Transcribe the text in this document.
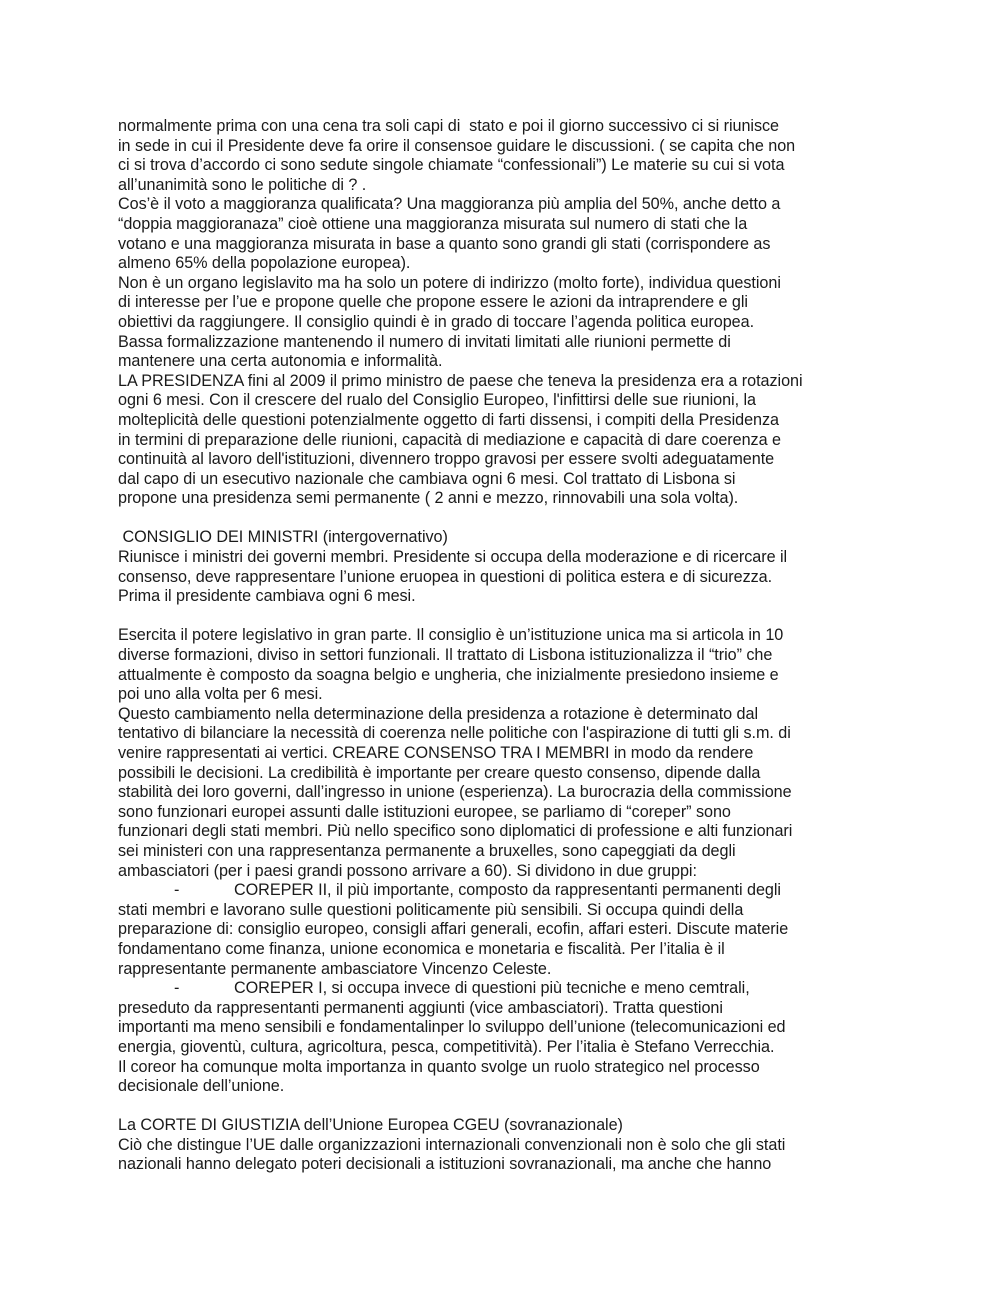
normalmente prima con una cena tra soli capi di  stato e poi il giorno successivo ci si riunisce
in sede in cui il Presidente deve fa orire il consensoe guidare le discussioni. ( se capita che non
ci si trova d’accordo ci sono sedute singole chiamate “confessionali”) Le materie su cui si vota
all’unanimità sono le politiche di ? .
Cos’è il voto a maggioranza qualificata? Una maggioranza più amplia del 50%, anche detto a
“doppia maggioranaza” cioè ottiene una maggioranza misurata sul numero di stati che la
votano e una maggioranza misurata in base a quanto sono grandi gli stati (corrispondere as
almeno 65% della popolazione europea).
Non è un organo legislavito ma ha solo un potere di indirizzo (molto forte), individua questioni
di interesse per l’ue e propone quelle che propone essere le azioni da intraprendere e gli
obiettivi da raggiungere. Il consiglio quindi è in grado di toccare l’agenda politica europea.
Bassa formalizzazione mantenendo il numero di invitati limitati alle riunioni permette di
mantenere una certa autonomia e informalità.
LA PRESIDENZA fini al 2009 il primo ministro de paese che teneva la presidenza era a rotazioni
ogni 6 mesi. Con il crescere del rualo del Consiglio Europeo, l'infittirsi delle sue riunioni, la
molteplicità delle questioni potenzialmente oggetto di farti dissensi, i compiti della Presidenza
in termini di preparazione delle riunioni, capacità di mediazione e capacità di dare coerenza e
continuità al lavoro dell'istituzioni, divennero troppo gravosi per essere svolti adeguatamente
dal capo di un esecutivo nazionale che cambiava ogni 6 mesi. Col trattato di Lisbona si
propone una presidenza semi permanente ( 2 anni e mezzo, rinnovabili una sola volta).
CONSIGLIO DEI MINISTRI (intergovernativo)
Riunisce i ministri dei governi membri. Presidente si occupa della moderazione e di ricercare il
consenso, deve rappresentare l’unione eruopea in questioni di politica estera e di sicurezza.
Prima il presidente cambiava ogni 6 mesi.
Esercita il potere legislativo in gran parte. Il consiglio è un’istituzione unica ma si articola in 10
diverse formazioni, diviso in settori funzionali. Il trattato di Lisbona istituzionalizza il “trio” che
attualmente è composto da soagna belgio e ungheria, che inizialmente presiedono insieme e
poi uno alla volta per 6 mesi.
Questo cambiamento nella determinazione della presidenza a rotazione è determinato dal
tentativo di bilanciare la necessità di coerenza nelle politiche con l'aspirazione di tutti gli s.m. di
venire rappresentati ai vertici. CREARE CONSENSO TRA I MEMBRI in modo da rendere
possibili le decisioni. La credibilità è importante per creare questo consenso, dipende dalla
stabilità dei loro governi, dall’ingresso in unione (esperienza). La burocrazia della commissione
sono funzionari europei assunti dalle istituzioni europee, se parliamo di “coreper” sono
funzionari degli stati membri. Più nello specifico sono diplomatici di professione e alti funzionari
sei ministeri con una rappresentanza permanente a bruxelles, sono capeggiati da degli
ambasciatori (per i paesi grandi possono arrivare a 60). Si dividono in due gruppi:
-	COREPER II, il più importante, composto da rappresentanti permanenti degli
stati membri e lavorano sulle questioni politicamente più sensibili. Si occupa quindi della
preparazione di: consiglio europeo, consigli affari generali, ecofin, affari esteri. Discute materie
fondamentano come finanza, unione economica e monetaria e fiscalità. Per l’italia è il
rappresentante permanente ambasciatore Vincenzo Celeste.
-	COREPER I, si occupa invece di questioni più tecniche e meno cemtrali,
preseduto da rappresentanti permanenti aggiunti (vice ambasciatori). Tratta questioni
importanti ma meno sensibili e fondamentalinper lo sviluppo dell’unione (telecomunicazioni ed
energia, gioventù, cultura, agricoltura, pesca, competitività). Per l’italia è Stefano Verrecchia.
Il coreor ha comunque molta importanza in quanto svolge un ruolo strategico nel processo
decisionale dell’unione.
La CORTE DI GIUSTIZIA dell’Unione Europea CGEU (sovranazionale)
Ciò che distingue l’UE dalle organizzazioni internazionali convenzionali non è solo che gli stati
nazionali hanno delegato poteri decisionali a istituzioni sovranazionali, ma anche che hanno
